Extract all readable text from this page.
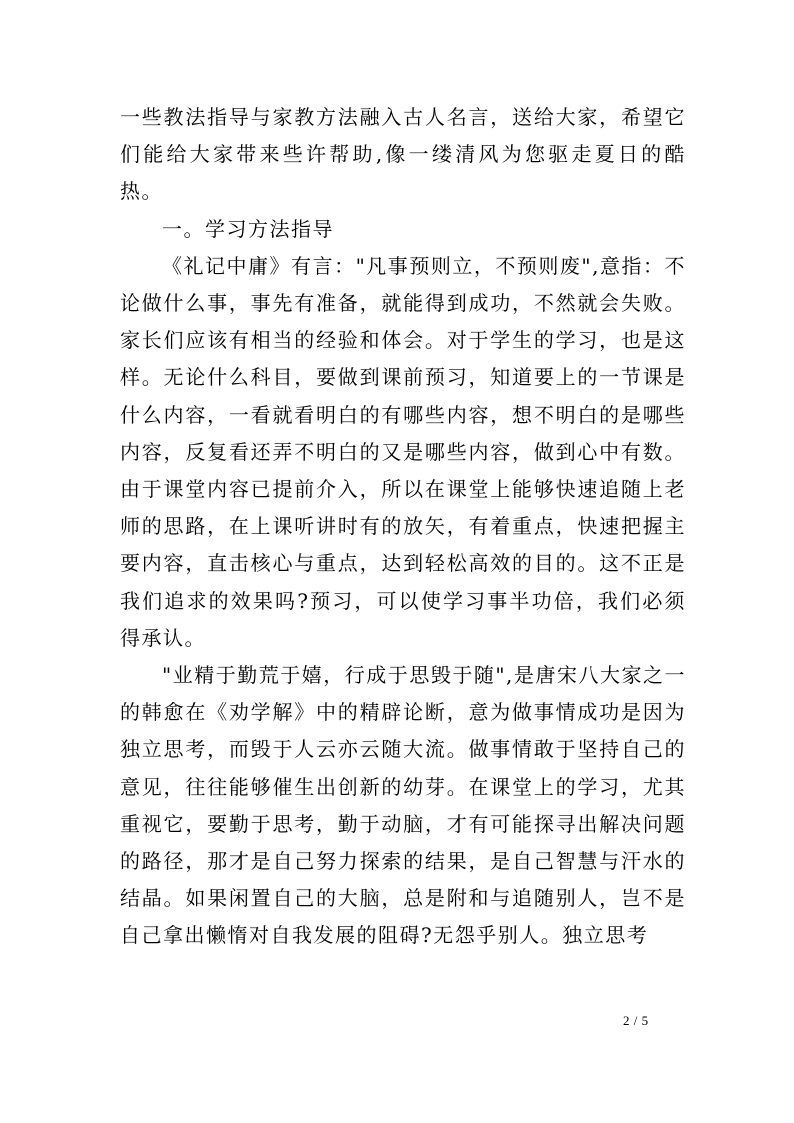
一些教法指导与家教方法融入古人名言，送给大家，希望它们能给大家带来些许帮助,像一缕清风为您驱走夏日的酷热。

一。学习方法指导

《礼记中庸》有言："凡事预则立，不预则废",意指：不论做什么事，事先有准备，就能得到成功，不然就会失败。家长们应该有相当的经验和体会。对于学生的学习，也是这样。无论什么科目，要做到课前预习，知道要上的一节课是什么内容，一看就看明白的有哪些内容，想不明白的是哪些内容，反复看还弄不明白的又是哪些内容，做到心中有数。由于课堂内容已提前介入，所以在课堂上能够快速追随上老师的思路，在上课听讲时有的放矢，有着重点，快速把握主要内容，直击核心与重点，达到轻松高效的目的。这不正是我们追求的效果吗?预习，可以使学习事半功倍，我们必须得承认。

"业精于勤荒于嬉，行成于思毁于随",是唐宋八大家之一的韩愈在《劝学解》中的精辟论断，意为做事情成功是因为独立思考，而毁于人云亦云随大流。做事情敢于坚持自己的意见，往往能够催生出创新的幼芽。在课堂上的学习，尤其重视它，要勤于思考，勤于动脑，才有可能探寻出解决问题的路径，那才是自己努力探索的结果，是自己智慧与汗水的结晶。如果闲置自己的大脑，总是附和与追随别人，岂不是自己拿出懒惰对自我发展的阻碍?无怨乎别人。独立思考

2 / 5
